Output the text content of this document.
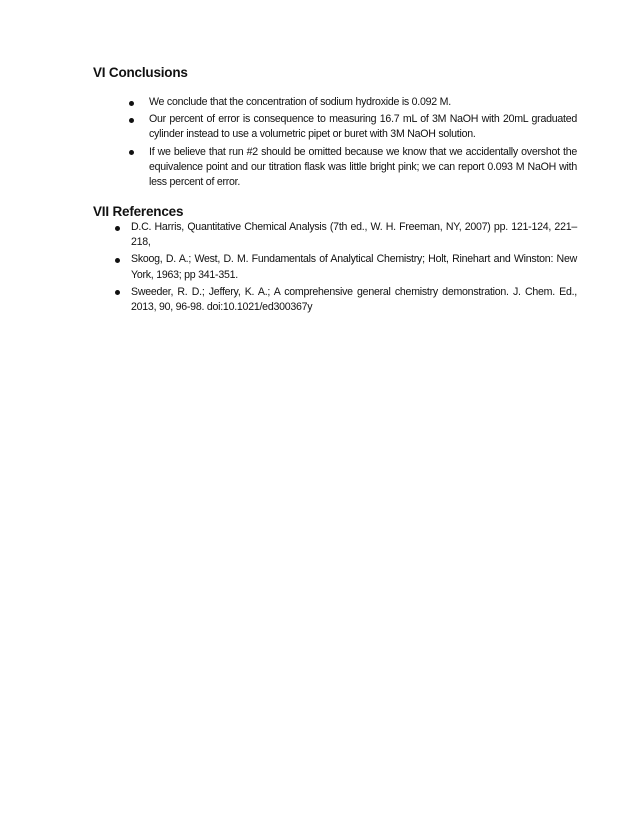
VI Conclusions
We conclude that the concentration of sodium hydroxide is 0.092 M.
Our percent of error is consequence to measuring 16.7 mL of 3M NaOH with 20mL graduated cylinder instead to use a volumetric pipet or buret with 3M NaOH solution.
If we believe that run #2 should be omitted because we know that we accidentally overshot the equivalence point and our titration flask was little bright pink; we can report 0.093 M NaOH with less percent of error.
VII References
D.C. Harris, Quantitative Chemical Analysis (7th ed., W. H. Freeman, NY, 2007) pp. 121-124, 221–218,
Skoog, D. A.; West, D. M. Fundamentals of Analytical Chemistry; Holt, Rinehart and Winston: New York, 1963; pp 341-351.
Sweeder, R. D.; Jeffery, K. A.; A comprehensive general chemistry demonstration. J. Chem. Ed., 2013, 90, 96-98. doi:10.1021/ed300367y
